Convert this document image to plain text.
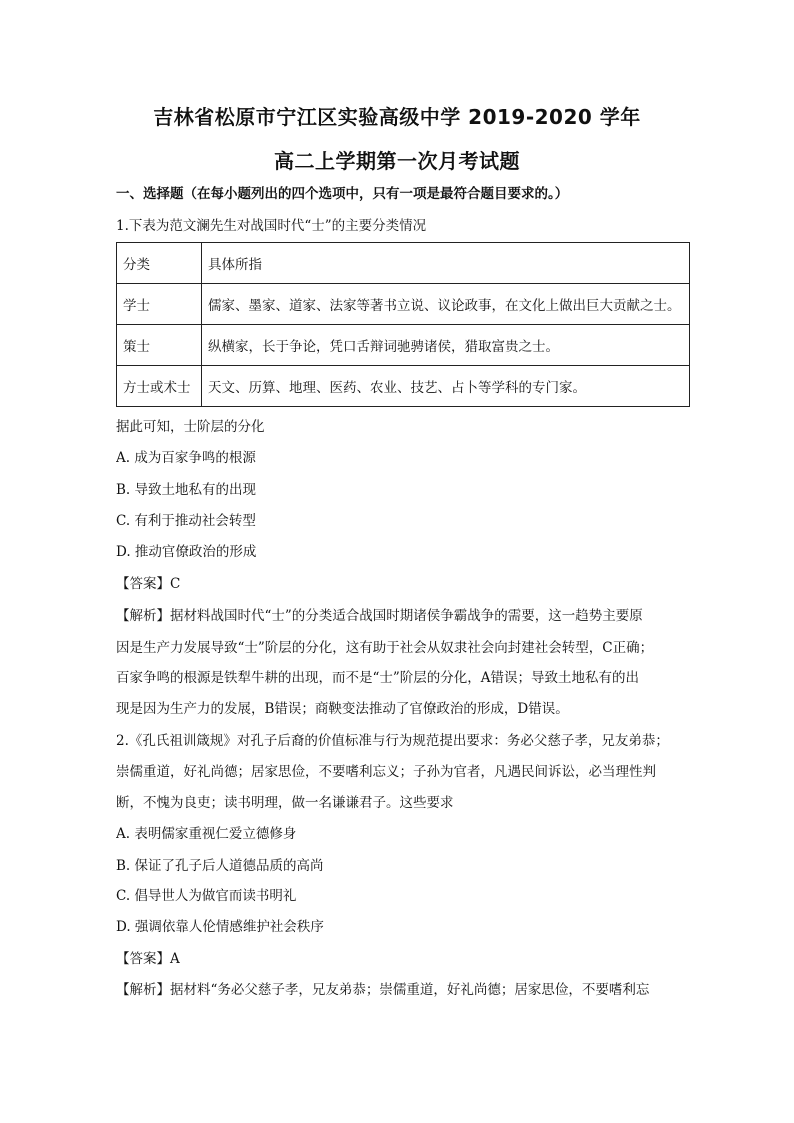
吉林省松原市宁江区实验高级中学 2019-2020 学年
高二上学期第一次月考试题
一、选择题（在每小题列出的四个选项中，只有一项是最符合题目要求的。）
1.下表为范文澜先生对战国时代“士”的主要分类情况
分类	具体所指
学士	儒家、墨家、道家、法家等著书立说、议论政事，在文化上做出巨大贡献之士。
策士	纵横家，长于争论，凭口舌辩词驰骋诸侯，猎取富贵之士。
方士或术士	天文、历算、地理、医药、农业、技艺、占卜等学科的专门家。
据此可知，士阶层的分化
A. 成为百家争鸣的根源
B. 导致土地私有的出现
C. 有利于推动社会转型
D. 推动官僚政治的形成
【答案】C
【解析】据材料战国时代“士”的分类适合战国时期诸侯争霸战争的需要，这一趋势主要原
因是生产力发展导致“士”阶层的分化，这有助于社会从奴隶社会向封建社会转型，C正确；
百家争鸣的根源是铁犁牛耕的出现，而不是“士”阶层的分化，A错误；导致土地私有的出
现是因为生产力的发展，B错误；商鞅变法推动了官僚政治的形成，D错误。
2.《孔氏祖训箴规》对孔子后裔的价值标准与行为规范提出要求：务必父慈子孝，兄友弟恭；
崇儒重道，好礼尚德；居家思俭，不要嗜利忘义；子孙为官者，凡遇民间诉讼，必当理性判
断，不愧为良吏；读书明理，做一名谦谦君子。这些要求
A. 表明儒家重视仁爱立德修身
B. 保证了孔子后人道德品质的高尚
C. 倡导世人为做官而读书明礼
D. 强调依靠人伦情感维护社会秩序
【答案】A
【解析】据材料“务必父慈子孝，兄友弟恭；崇儒重道，好礼尚德；居家思俭，不要嗜利忘
